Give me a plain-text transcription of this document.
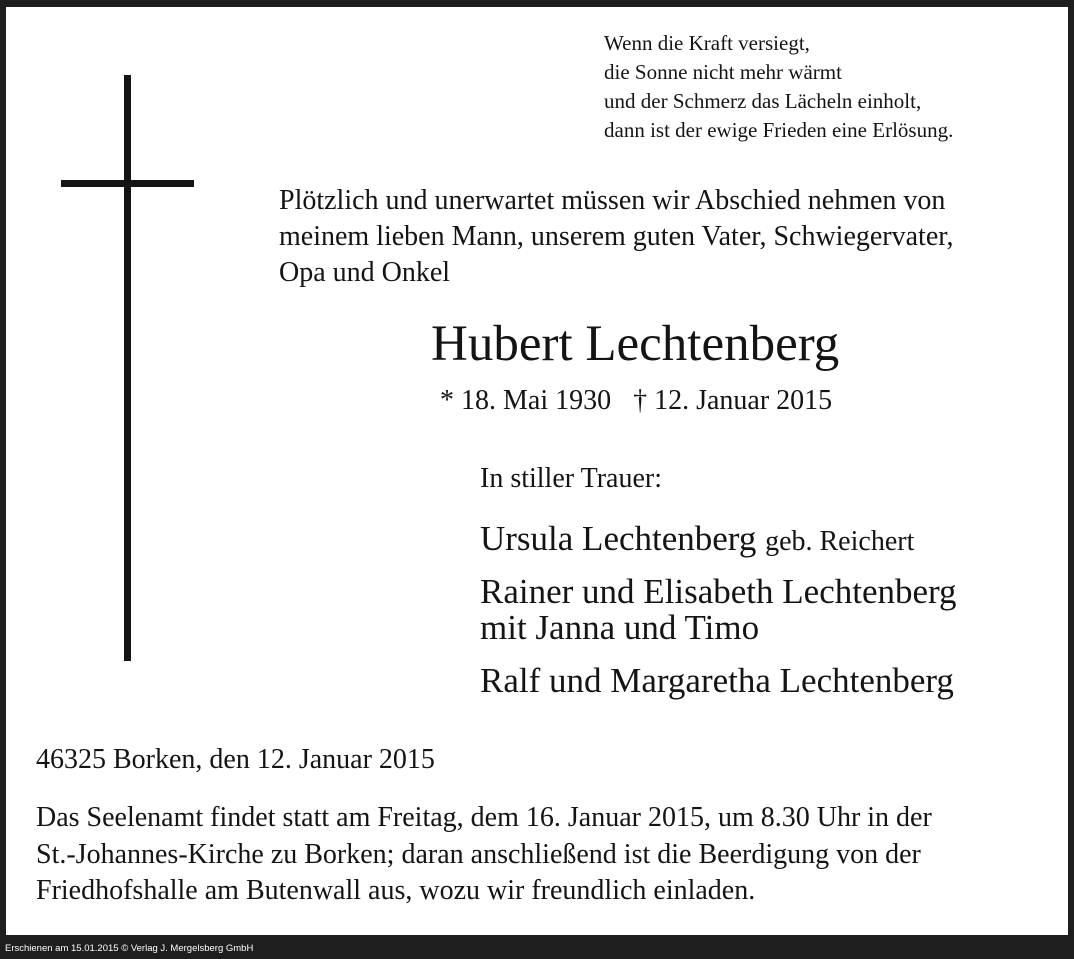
Wenn die Kraft versiegt,
die Sonne nicht mehr wärmt
und der Schmerz das Lächeln einholt,
dann ist der ewige Frieden eine Erlösung.
Plötzlich und unerwartet müssen wir Abschied nehmen von
meinem lieben Mann, unserem guten Vater, Schwiegervater,
Opa und Onkel
Hubert Lechtenberg
* 18. Mai 1930 † 12. Januar 2015
In stiller Trauer:
Ursula Lechtenberg geb. Reichert
Rainer und Elisabeth Lechtenberg
mit Janna und Timo
Ralf und Margaretha Lechtenberg
46325 Borken, den 12. Januar 2015
Das Seelenamt findet statt am Freitag, dem 16. Januar 2015, um 8.30 Uhr in der
St.-Johannes-Kirche zu Borken; daran anschließend ist die Beerdigung von der
Friedhofshalle am Butenwall aus, wozu wir freundlich einladen.
Erschienen am 15.01.2015 © Verlag J. Mergelsberg GmbH
